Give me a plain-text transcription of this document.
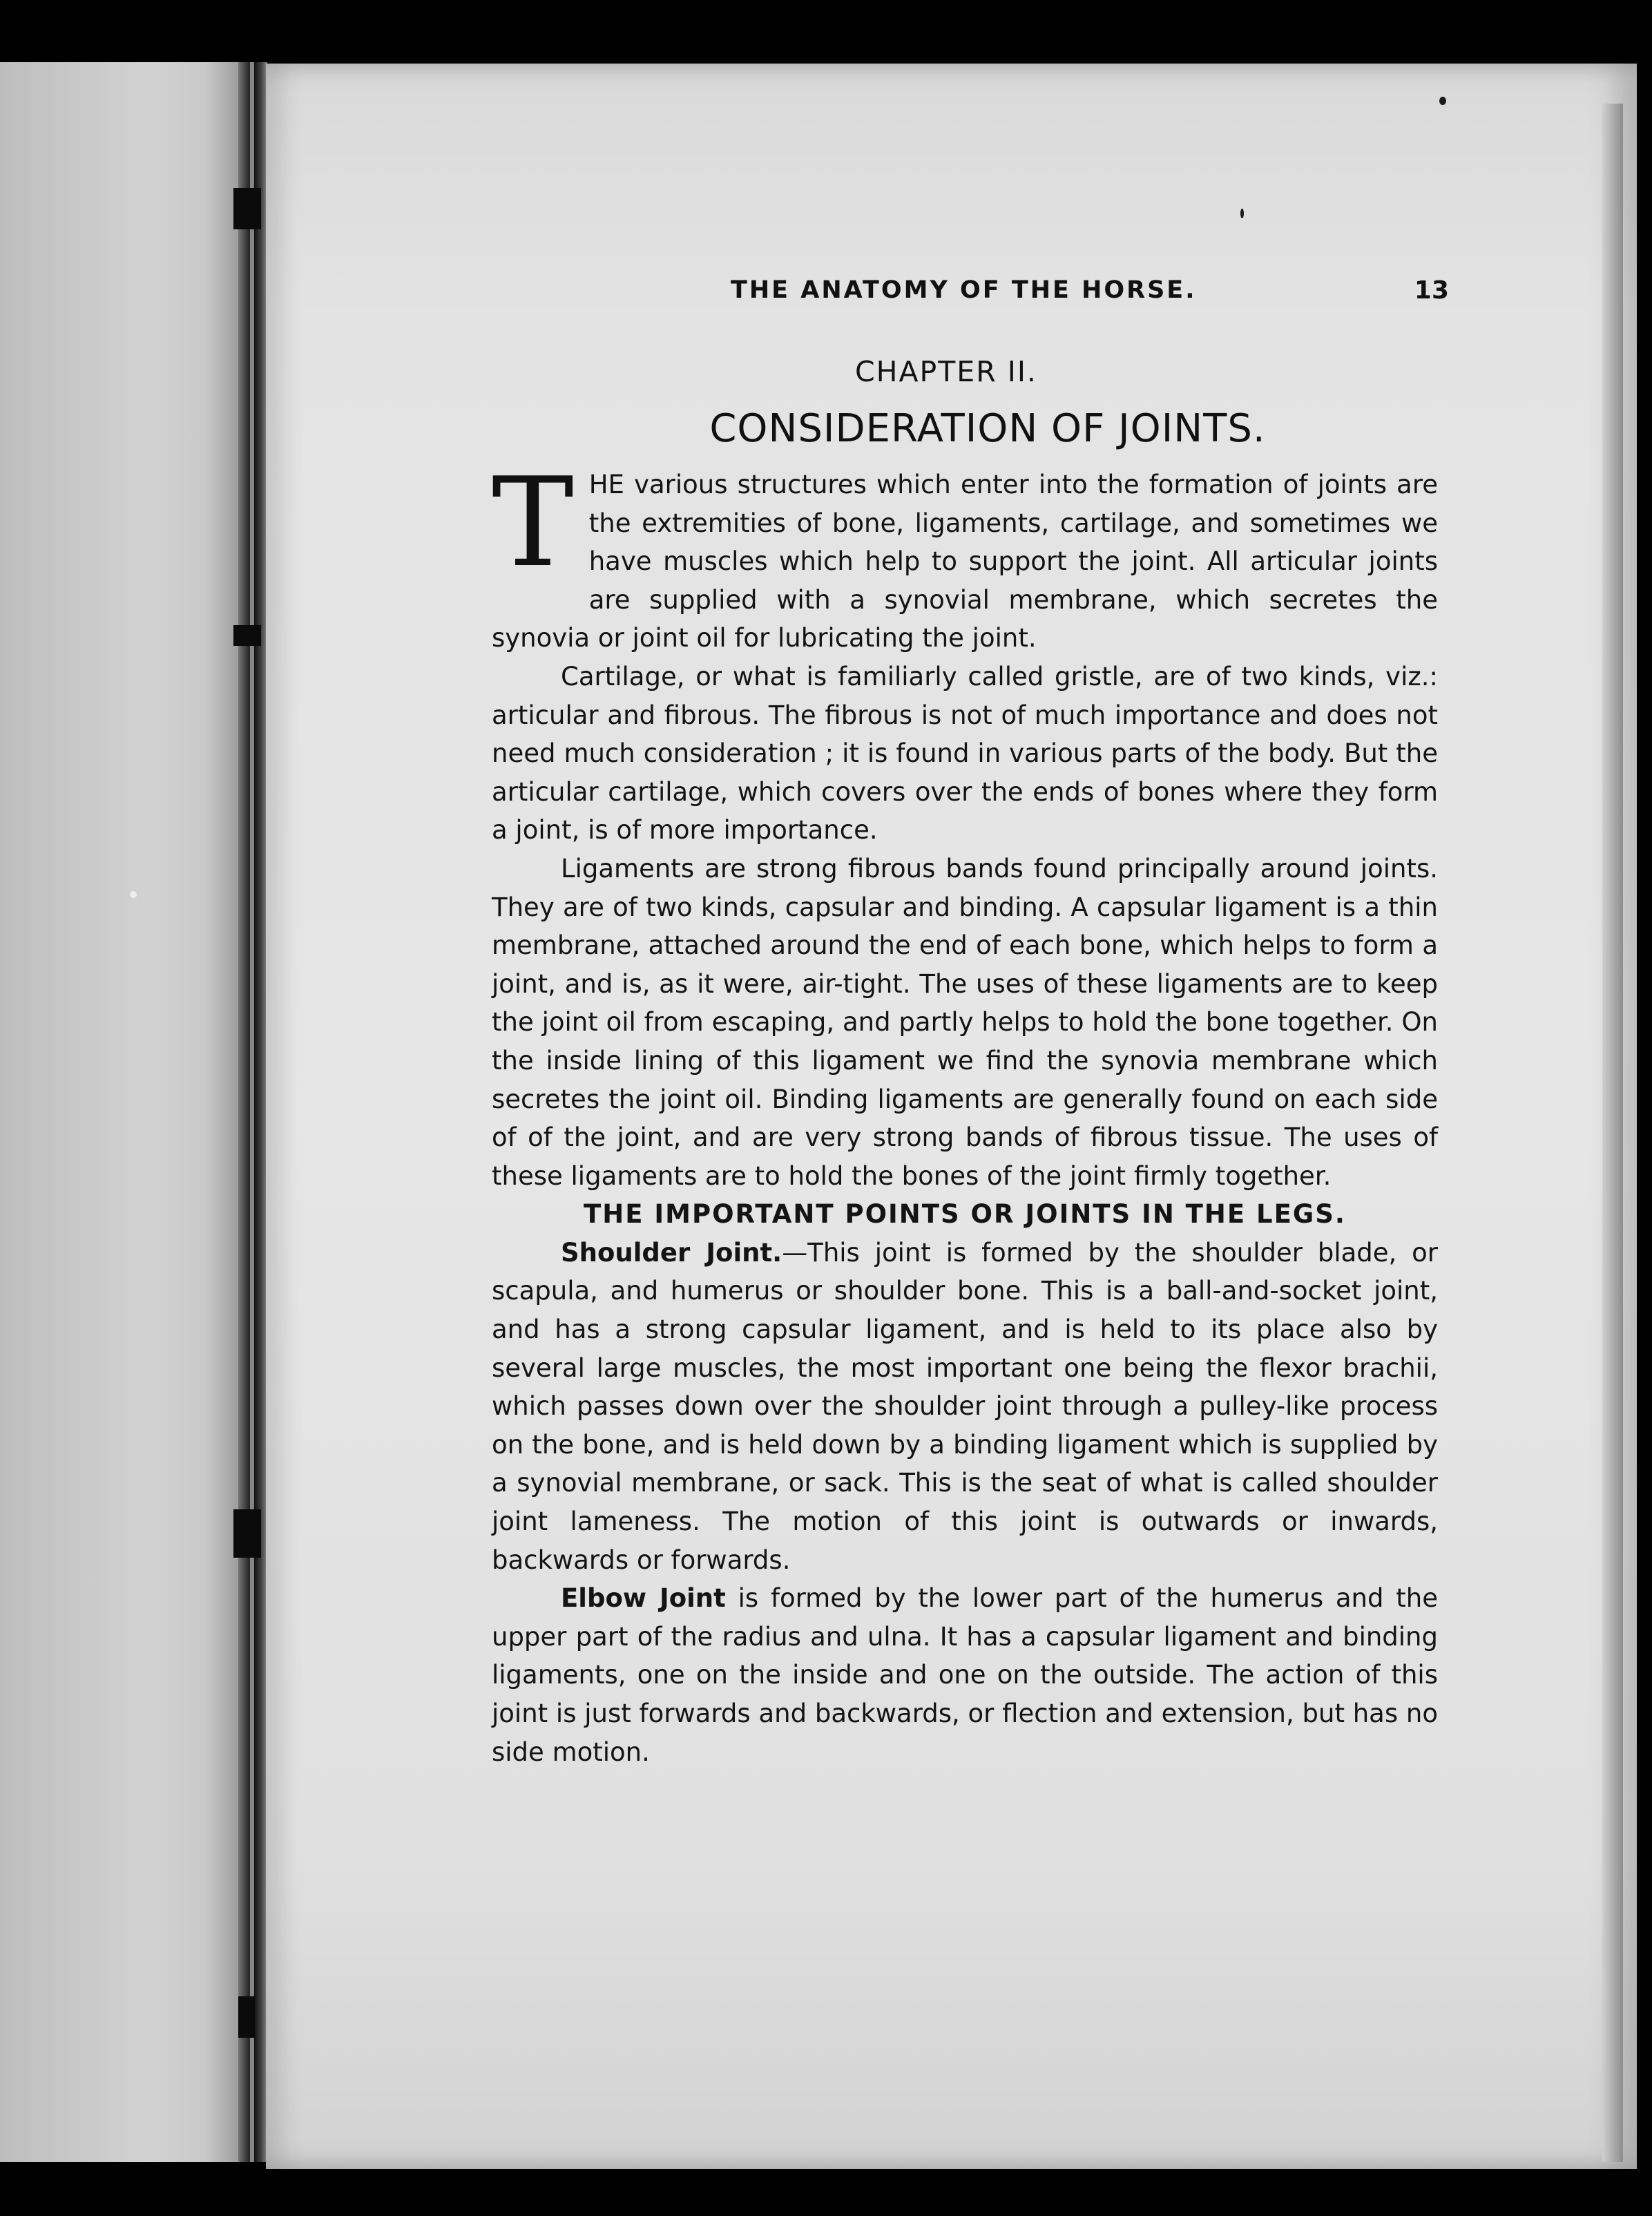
THE ANATOMY OF THE HORSE.	13
CHAPTER II.
CONSIDERATION OF JOINTS.

THE various structures which enter into the formation of joints are the extremities of bone, ligaments, cartilage, and sometimes we have muscles which help to support the joint. All articular joints are supplied with a synovial membrane, which secretes the synovia or joint oil for lubricating the joint.

Cartilage, or what is familiarly called gristle, are of two kinds, viz.: articular and fibrous. The fibrous is not of much importance and does not need much consideration ; it is found in various parts of the body. But the articular cartilage, which covers over the ends of bones where they form a joint, is of more importance.

Ligaments are strong fibrous bands found principally around joints. They are of two kinds, capsular and binding. A capsular ligament is a thin membrane, attached around the end of each bone, which helps to form a joint, and is, as it were, air-tight. The uses of these ligaments are to keep the joint oil from escaping, and partly helps to hold the bone together. On the inside lining of this ligament we find the synovia membrane which secretes the joint oil. Binding ligaments are generally found on each side of of the joint, and are very strong bands of fibrous tissue. The uses of these ligaments are to hold the bones of the joint firmly together.

THE IMPORTANT POINTS OR JOINTS IN THE LEGS.

Shoulder Joint.—This joint is formed by the shoulder blade, or scapula, and humerus or shoulder bone. This is a ball-and-socket joint, and has a strong capsular ligament, and is held to its place also by several large muscles, the most important one being the flexor brachii, which passes down over the shoulder joint through a pulley-like process on the bone, and is held down by a binding ligament which is supplied by a synovial membrane, or sack. This is the seat of what is called shoulder joint lameness. The motion of this joint is outwards or inwards, backwards or forwards.

Elbow Joint is formed by the lower part of the humerus and the upper part of the radius and ulna. It has a capsular ligament and binding ligaments, one on the inside and one on the outside. The action of this joint is just forwards and backwards, or flection and extension, but has no side motion.
